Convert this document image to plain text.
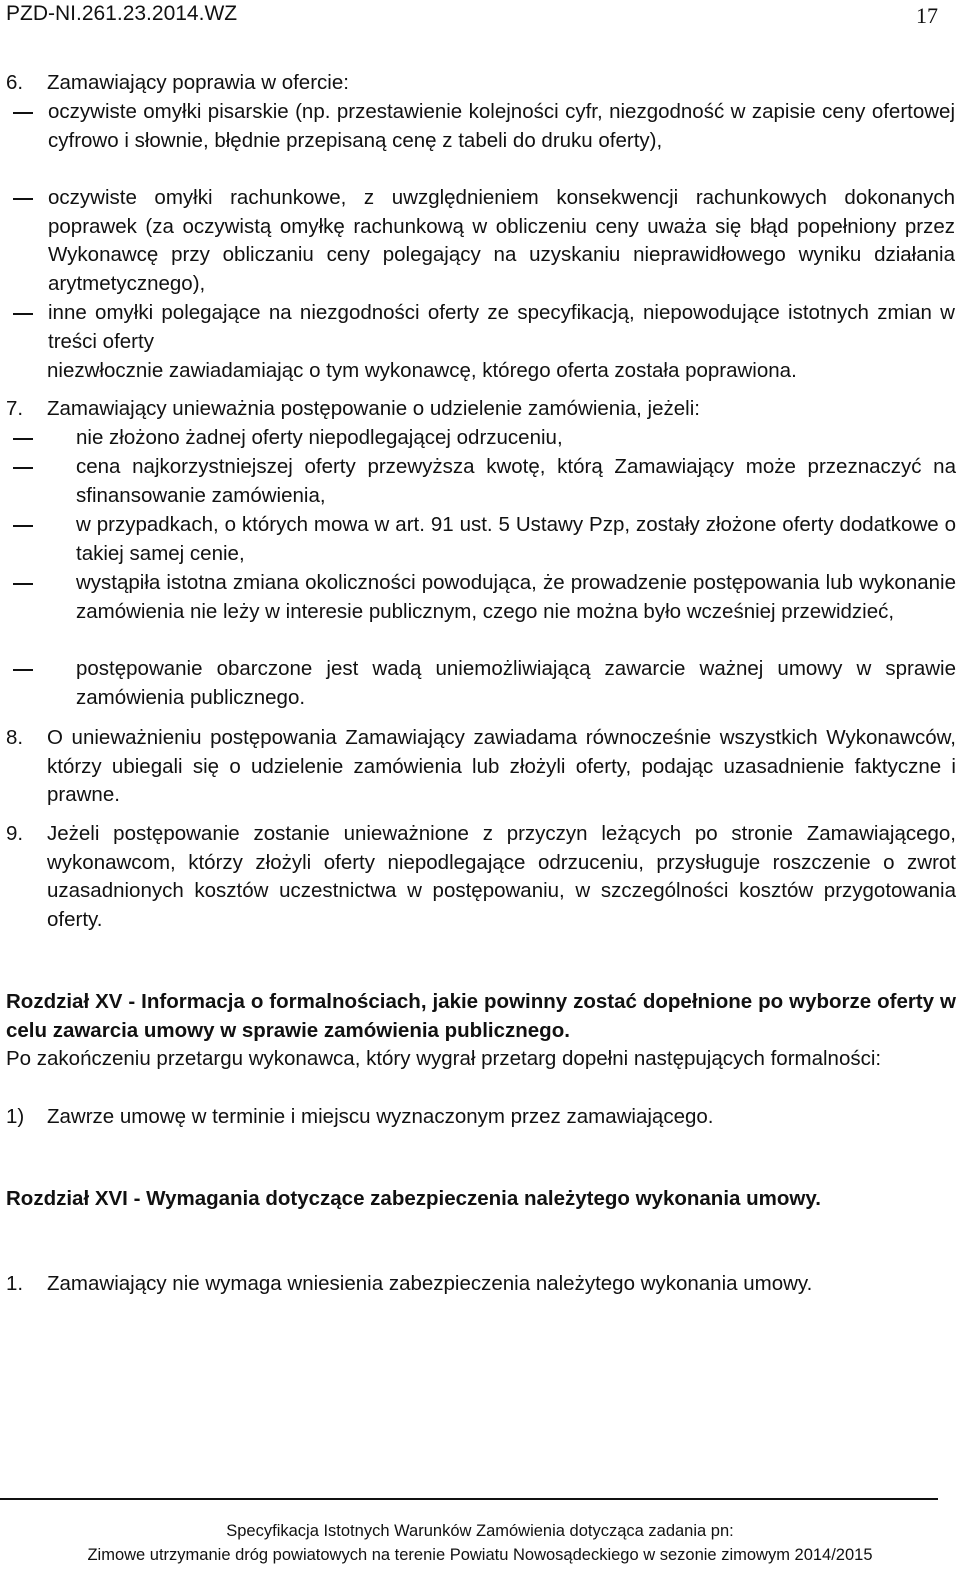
PZD-NI.261.23.2014.WZ	17
6. Zamawiający poprawia w ofercie:
oczywiste omyłki pisarskie (np. przestawienie kolejności cyfr, niezgodność w zapisie ceny ofertowej cyfrowo i słownie, błędnie przepisaną cenę z tabeli do druku oferty),
oczywiste omyłki rachunkowe, z uwzględnieniem konsekwencji rachunkowych dokonanych poprawek (za oczywistą omyłkę rachunkową w obliczeniu ceny uważa się błąd popełniony przez Wykonawcę przy obliczaniu ceny polegający na uzyskaniu nieprawidłowego wyniku działania arytmetycznego),
inne omyłki polegające na niezgodności oferty ze specyfikacją, niepowodujące istotnych zmian w treści oferty
niezwłocznie zawiadamiając o tym wykonawcę, którego oferta została poprawiona.
7. Zamawiający unieważnia postępowanie o udzielenie zamówienia, jeżeli:
nie złożono żadnej oferty niepodlegającej odrzuceniu,
cena najkorzystniejszej oferty przewyższa kwotę, którą Zamawiający może przeznaczyć na sfinansowanie zamówienia,
w przypadkach, o których mowa w art. 91 ust. 5 Ustawy Pzp, zostały złożone oferty dodatkowe o takiej samej cenie,
wystąpiła istotna zmiana okoliczności powodująca, że prowadzenie postępowania lub wykonanie zamówienia nie leży w interesie publicznym, czego nie można było wcześniej przewidzieć,
postępowanie obarczone jest wadą uniemożliwiającą zawarcie ważnej umowy w sprawie zamówienia publicznego.
8. O unieważnieniu postępowania Zamawiający zawiadama równocześnie wszystkich Wykonawców, którzy ubiegali się o udzielenie zamówienia lub złożyli oferty, podając uzasadnienie faktyczne i prawne.
9. Jeżeli postępowanie zostanie unieważnione z przyczyn leżących po stronie Zamawiającego, wykonawcom, którzy złożyli oferty niepodlegające odrzuceniu, przysługuje roszczenie o zwrot uzasadnionych kosztów uczestnictwa w postępowaniu, w szczególności kosztów przygotowania oferty.
Rozdział XV - Informacja o formalnościach, jakie powinny zostać dopełnione po wyborze oferty w celu zawarcia umowy w sprawie zamówienia publicznego.
Po zakończeniu przetargu wykonawca, który wygrał przetarg dopełni następujących formalności:
1) Zawrze umowę w terminie i miejscu wyznaczonym przez zamawiającego.
Rozdział XVI - Wymagania dotyczące zabezpieczenia należytego wykonania umowy.
1. Zamawiający nie wymaga wniesienia zabezpieczenia należytego wykonania umowy.
Specyfikacja Istotnych Warunków Zamówienia dotycząca zadania pn:
Zimowe utrzymanie dróg powiatowych na terenie Powiatu Nowosądeckiego w sezonie zimowym 2014/2015
